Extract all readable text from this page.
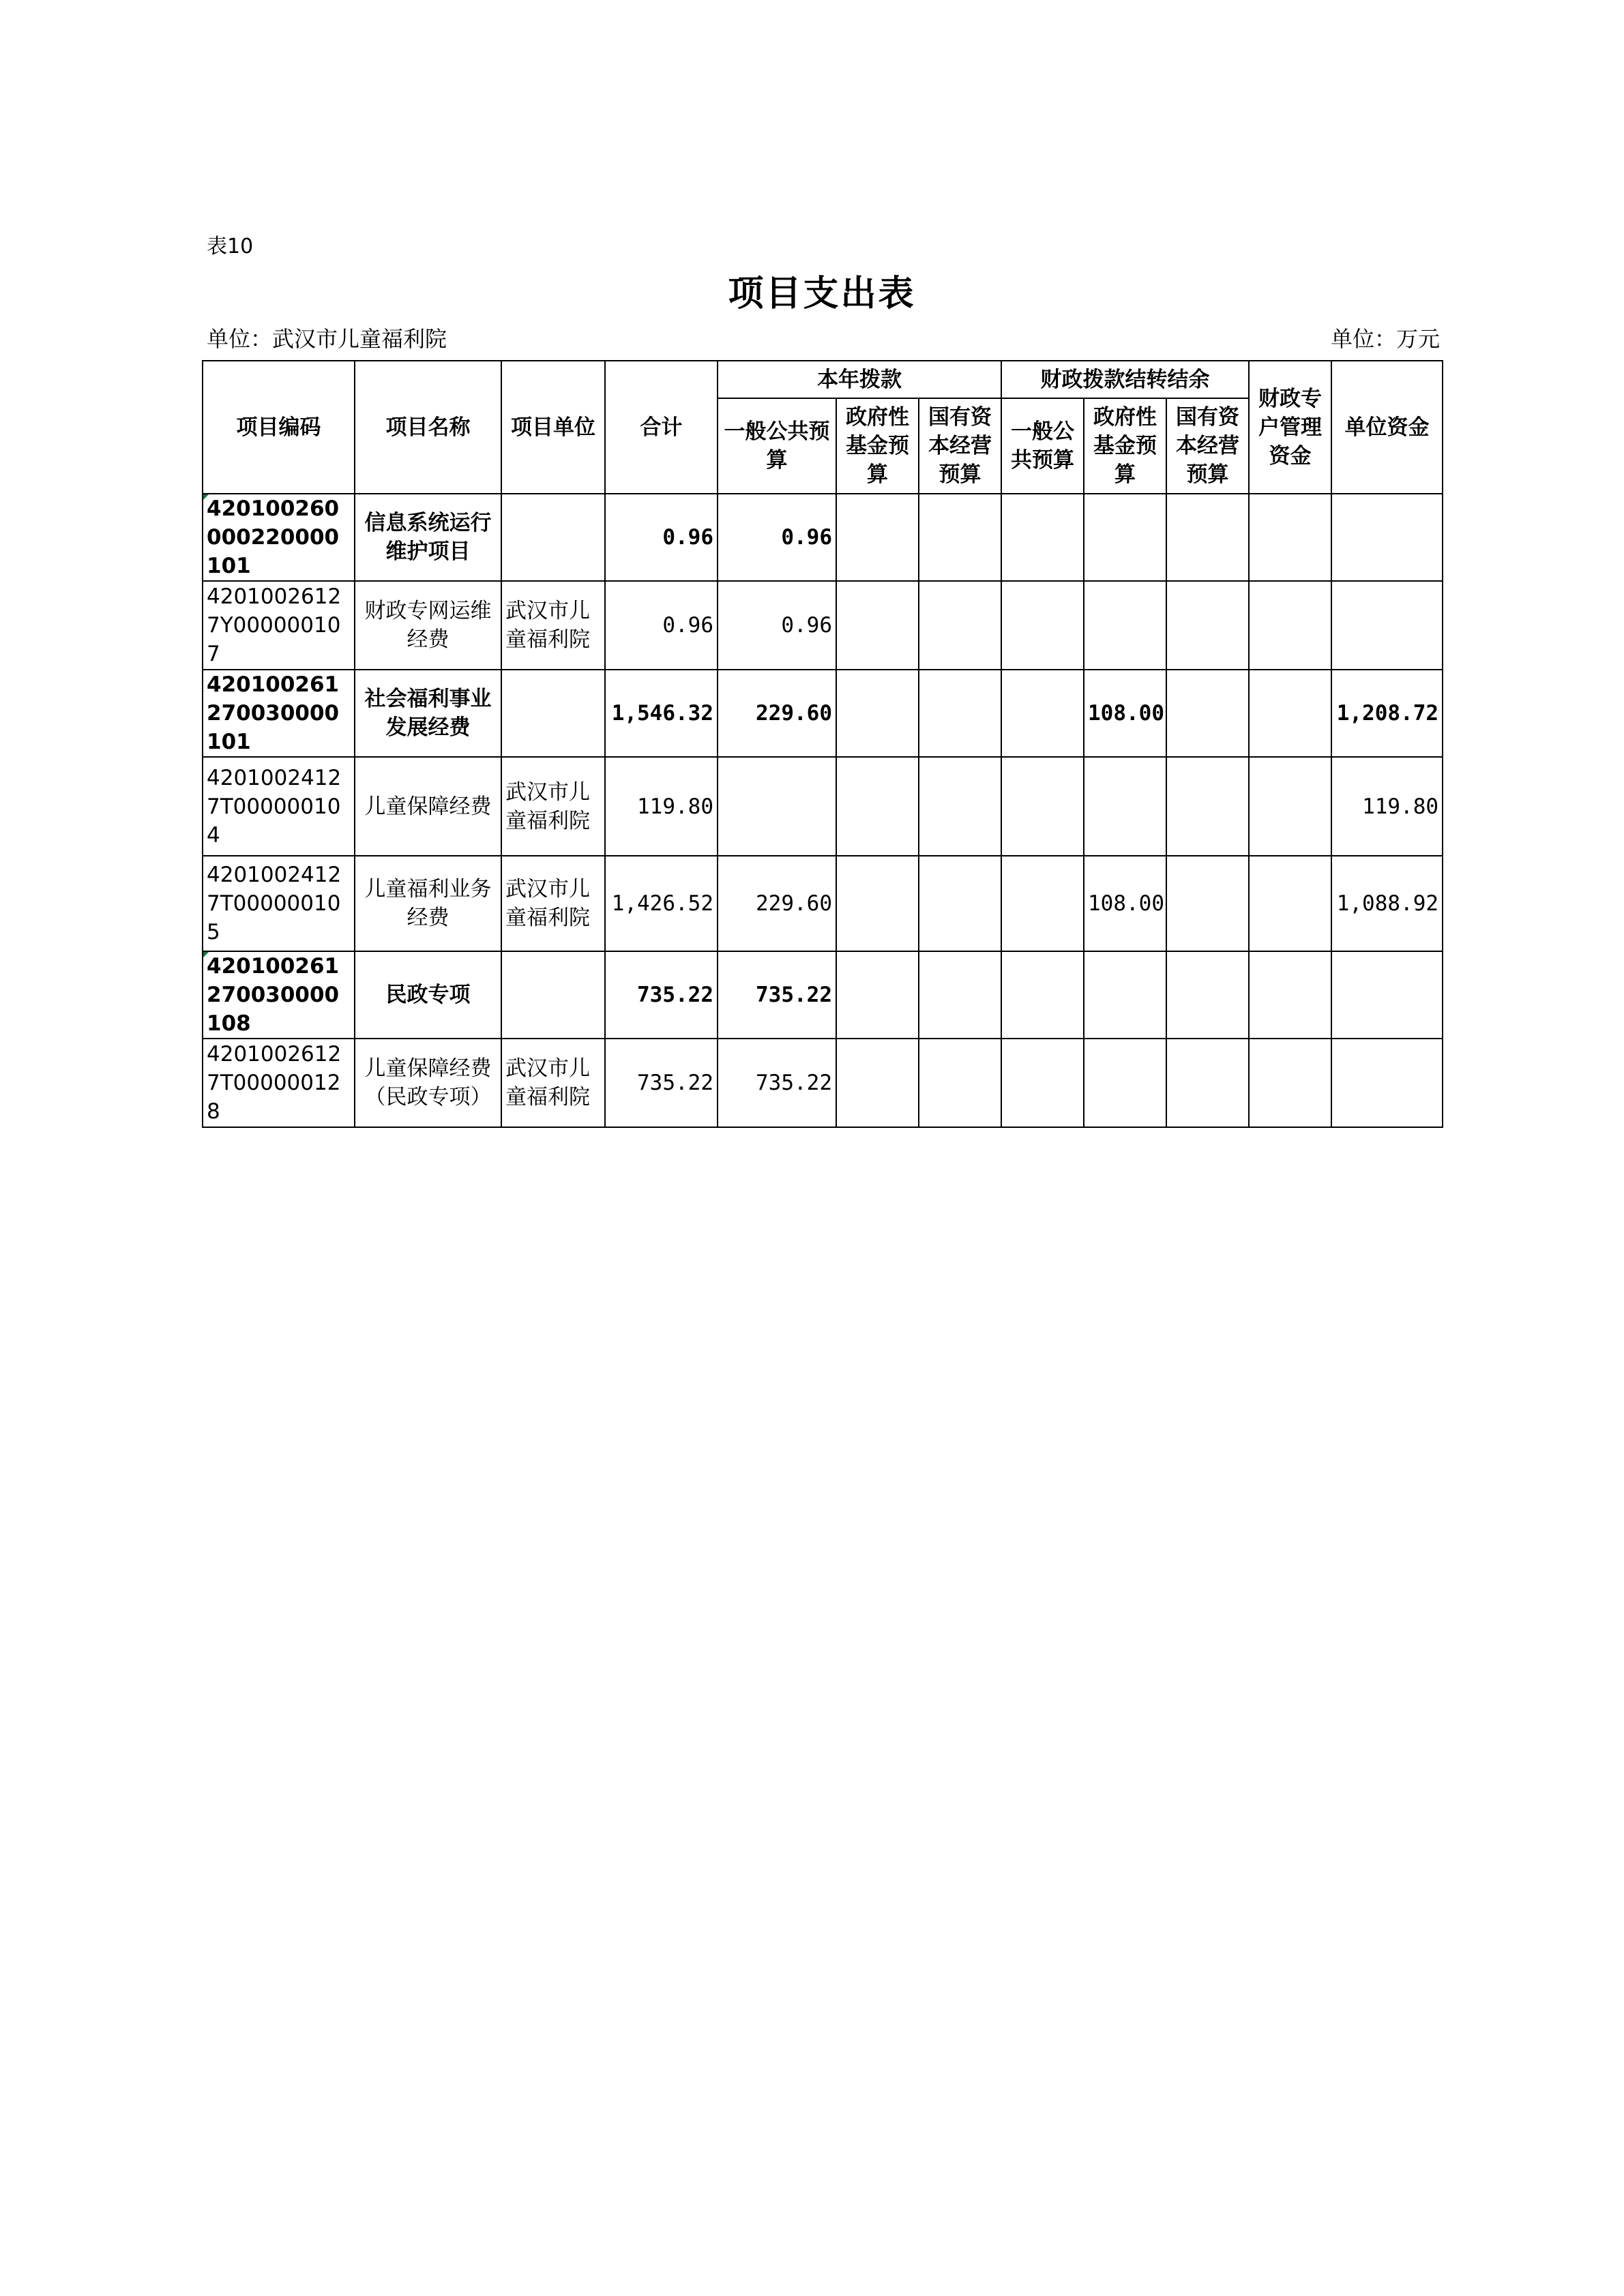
表10
项目支出表
单位：武汉市儿童福利院	单位：万元
项目编码	项目名称	项目单位	合计	本年拨款			财政拨款结转结余			财政专户管理资金	单位资金
				一般公共预算	政府性基金预算	国有资本经营预算	一般公共预算	政府性基金预算	国有资本经营预算		
420100260000220000101	信息系统运行维护项目		0.96	0.96							
42010026127Y000000107	财政专网运维经费	武汉市儿童福利院	0.96	0.96							
420100261270030000101	社会福利事业发展经费		1,546.32	229.60				108.00			1,208.72
42010024127T000000104	儿童保障经费	武汉市儿童福利院	119.80								119.80
42010024127T000000105	儿童福利业务经费	武汉市儿童福利院	1,426.52	229.60				108.00			1,088.92
420100261270030000108	民政专项		735.22	735.22							
42010026127T000000128	儿童保障经费（民政专项）	武汉市儿童福利院	735.22	735.22							
